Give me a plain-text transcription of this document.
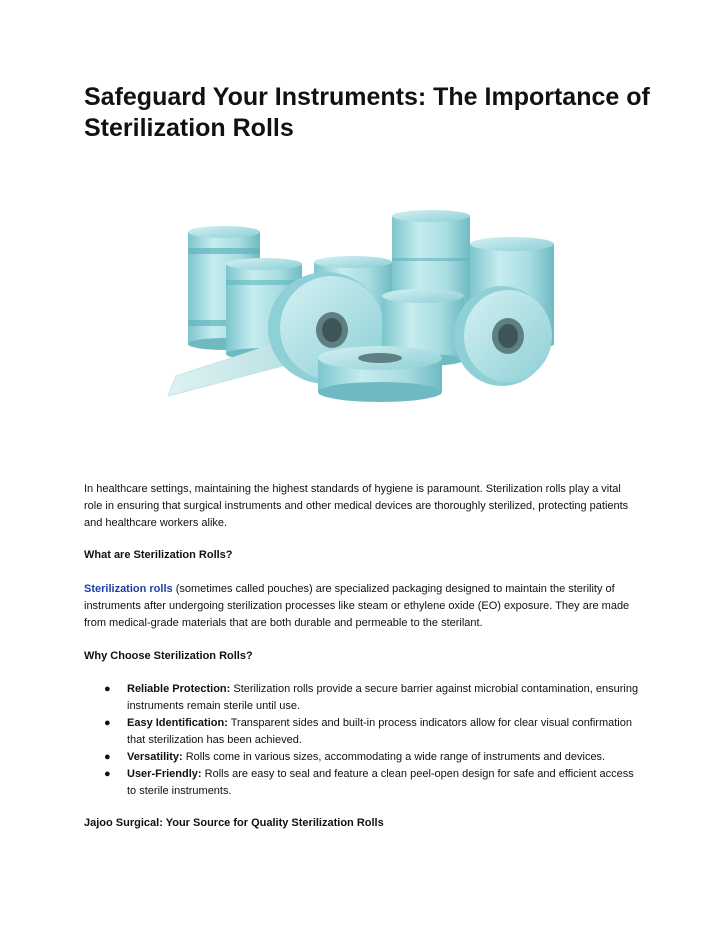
Safeguard Your Instruments: The Importance of Sterilization Rolls

In healthcare settings, maintaining the highest standards of hygiene is paramount. Sterilization rolls play a vital role in ensuring that surgical instruments and other medical devices are thoroughly sterilized, protecting patients and healthcare workers alike.

What are Sterilization Rolls?

Sterilization rolls (sometimes called pouches) are specialized packaging designed to maintain the sterility of instruments after undergoing sterilization processes like steam or ethylene oxide (EO) exposure. They are made from medical-grade materials that are both durable and permeable to the sterilant.

Why Choose Sterilization Rolls?

● Reliable Protection: Sterilization rolls provide a secure barrier against microbial contamination, ensuring instruments remain sterile until use.
● Easy Identification: Transparent sides and built-in process indicators allow for clear visual confirmation that sterilization has been achieved.
● Versatility: Rolls come in various sizes, accommodating a wide range of instruments and devices.
● User-Friendly: Rolls are easy to seal and feature a clean peel-open design for safe and efficient access to sterile instruments.

Jajoo Surgical: Your Source for Quality Sterilization Rolls
